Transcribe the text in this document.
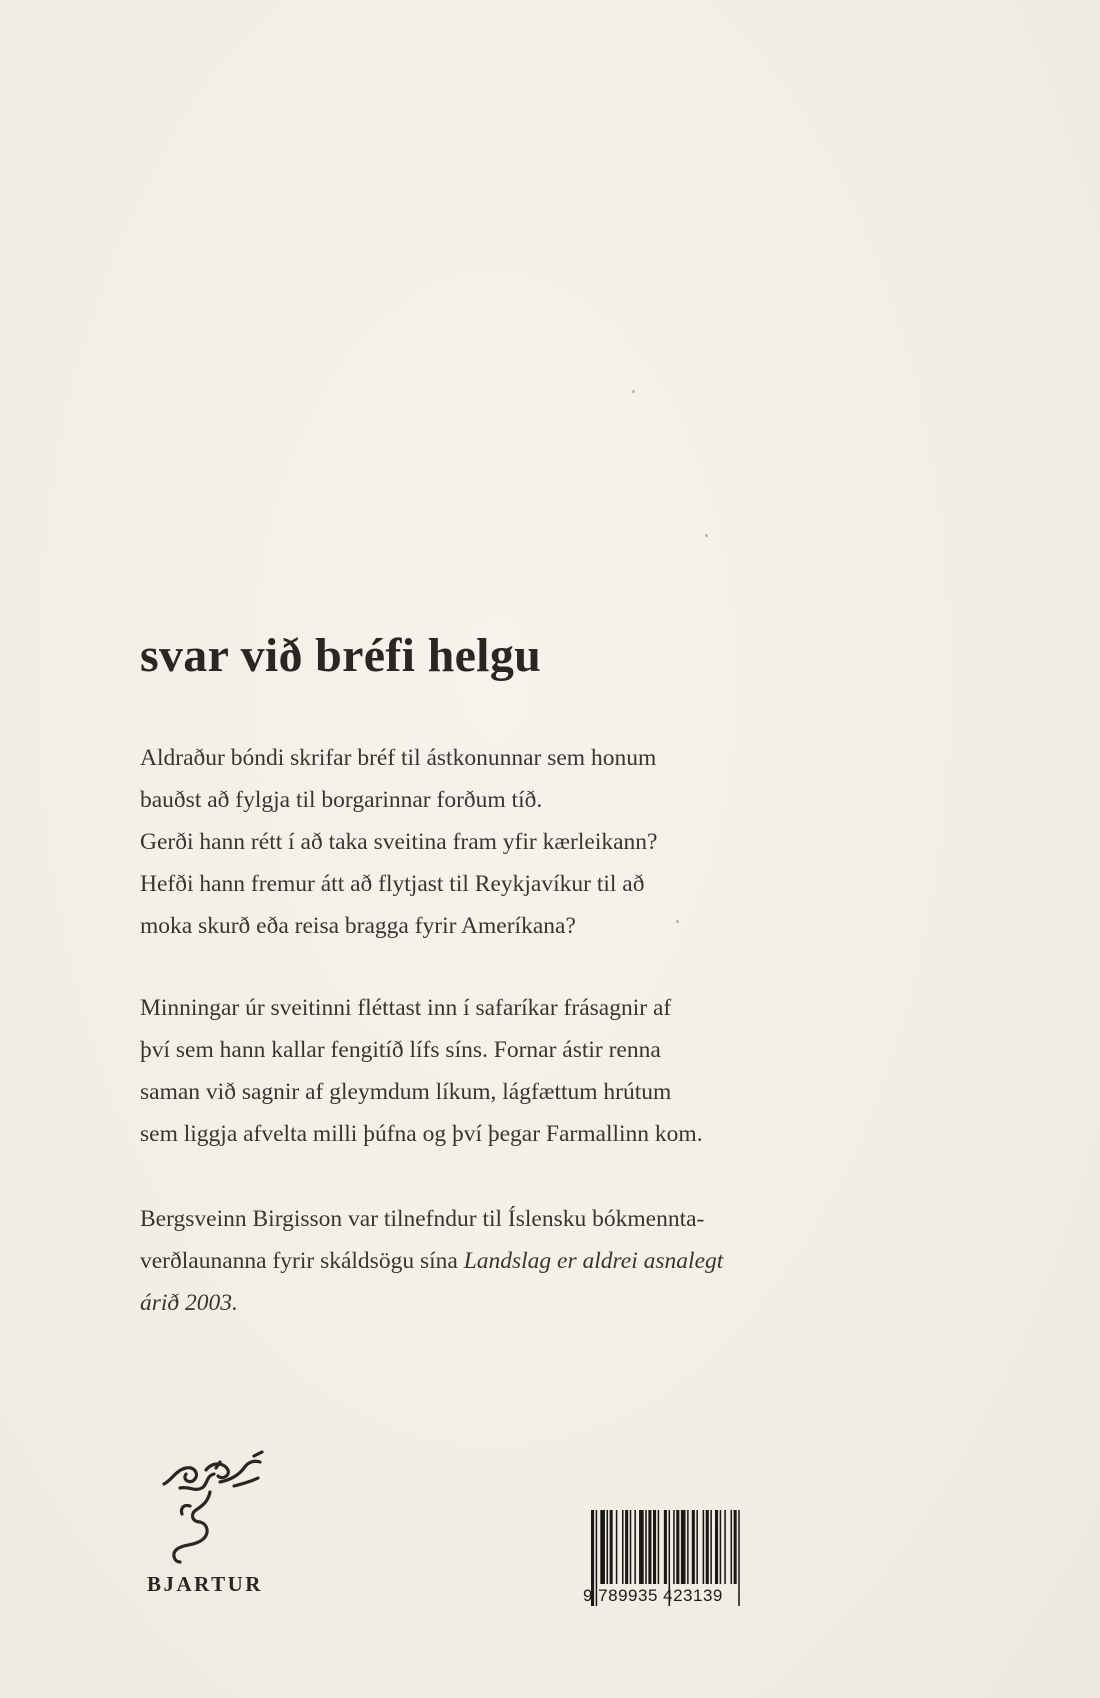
svar við bréfi helgu

Aldraður bóndi skrifar bréf til ástkonunnar sem honum
bauðst að fylgja til borgarinnar forðum tíð.
Gerði hann rétt í að taka sveitina fram yfir kærleikann?
Hefði hann fremur átt að flytjast til Reykjavíkur til að
moka skurð eða reisa bragga fyrir Ameríkana?

Minningar úr sveitinni fléttast inn í safaríkar frásagnir af
því sem hann kallar fengitíð lífs síns. Fornar ástir renna
saman við sagnir af gleymdum líkum, lágfættum hrútum
sem liggja afvelta milli þúfna og því þegar Farmallinn kom.

Bergsveinn Birgisson var tilnefndur til Íslensku bókmennta-
verðlaunanna fyrir skáldsögu sína Landslag er aldrei asnalegt
árið 2003.

BJARTUR	9 789935 423139
